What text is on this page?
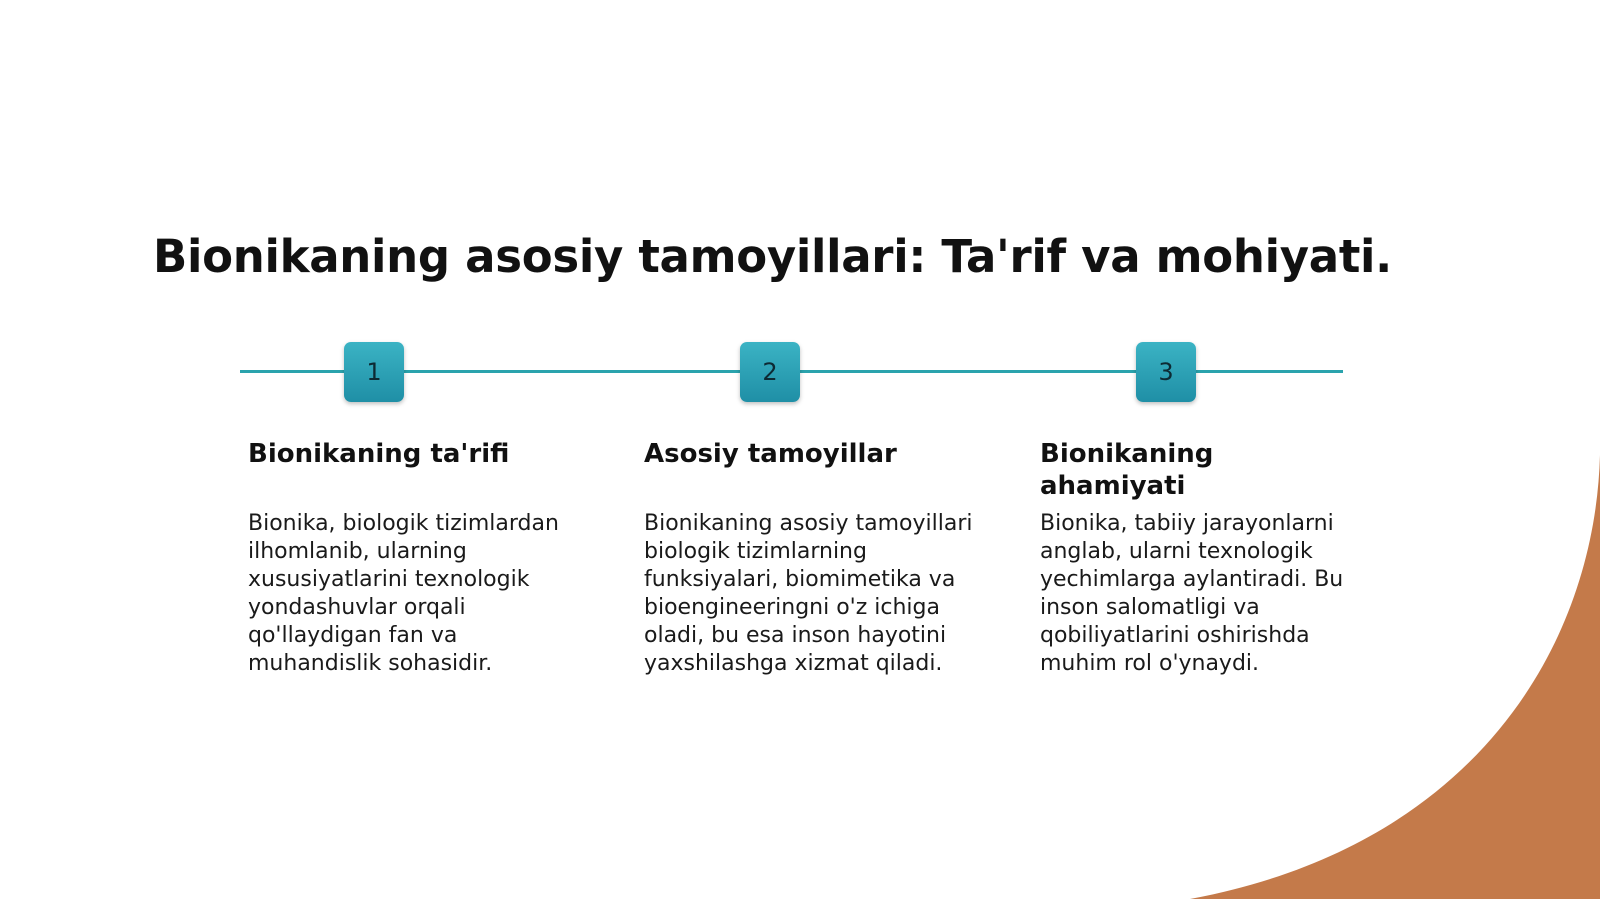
Bionikaning asosiy tamoyillari: Ta'rif va mohiyati.
1	2	3
Bionikaning ta'rifi

Bionika, biologik tizimlardan ilhomlanib, ularning xususiyatlarini texnologik yondashuvlar orqali qo'llaydigan fan va muhandislik sohasidir.

Asosiy tamoyillar

Bionikaning asosiy tamoyillari biologik tizimlarning funksiyalari, biomimetika va bioengineeringni o'z ichiga oladi, bu esa inson hayotini yaxshilashga xizmat qiladi.

Bionikaning ahamiyati

Bionika, tabiiy jarayonlarni anglab, ularni texnologik yechimlarga aylantiradi. Bu inson salomatligi va qobiliyatlarini oshirishda muhim rol o'ynaydi.
